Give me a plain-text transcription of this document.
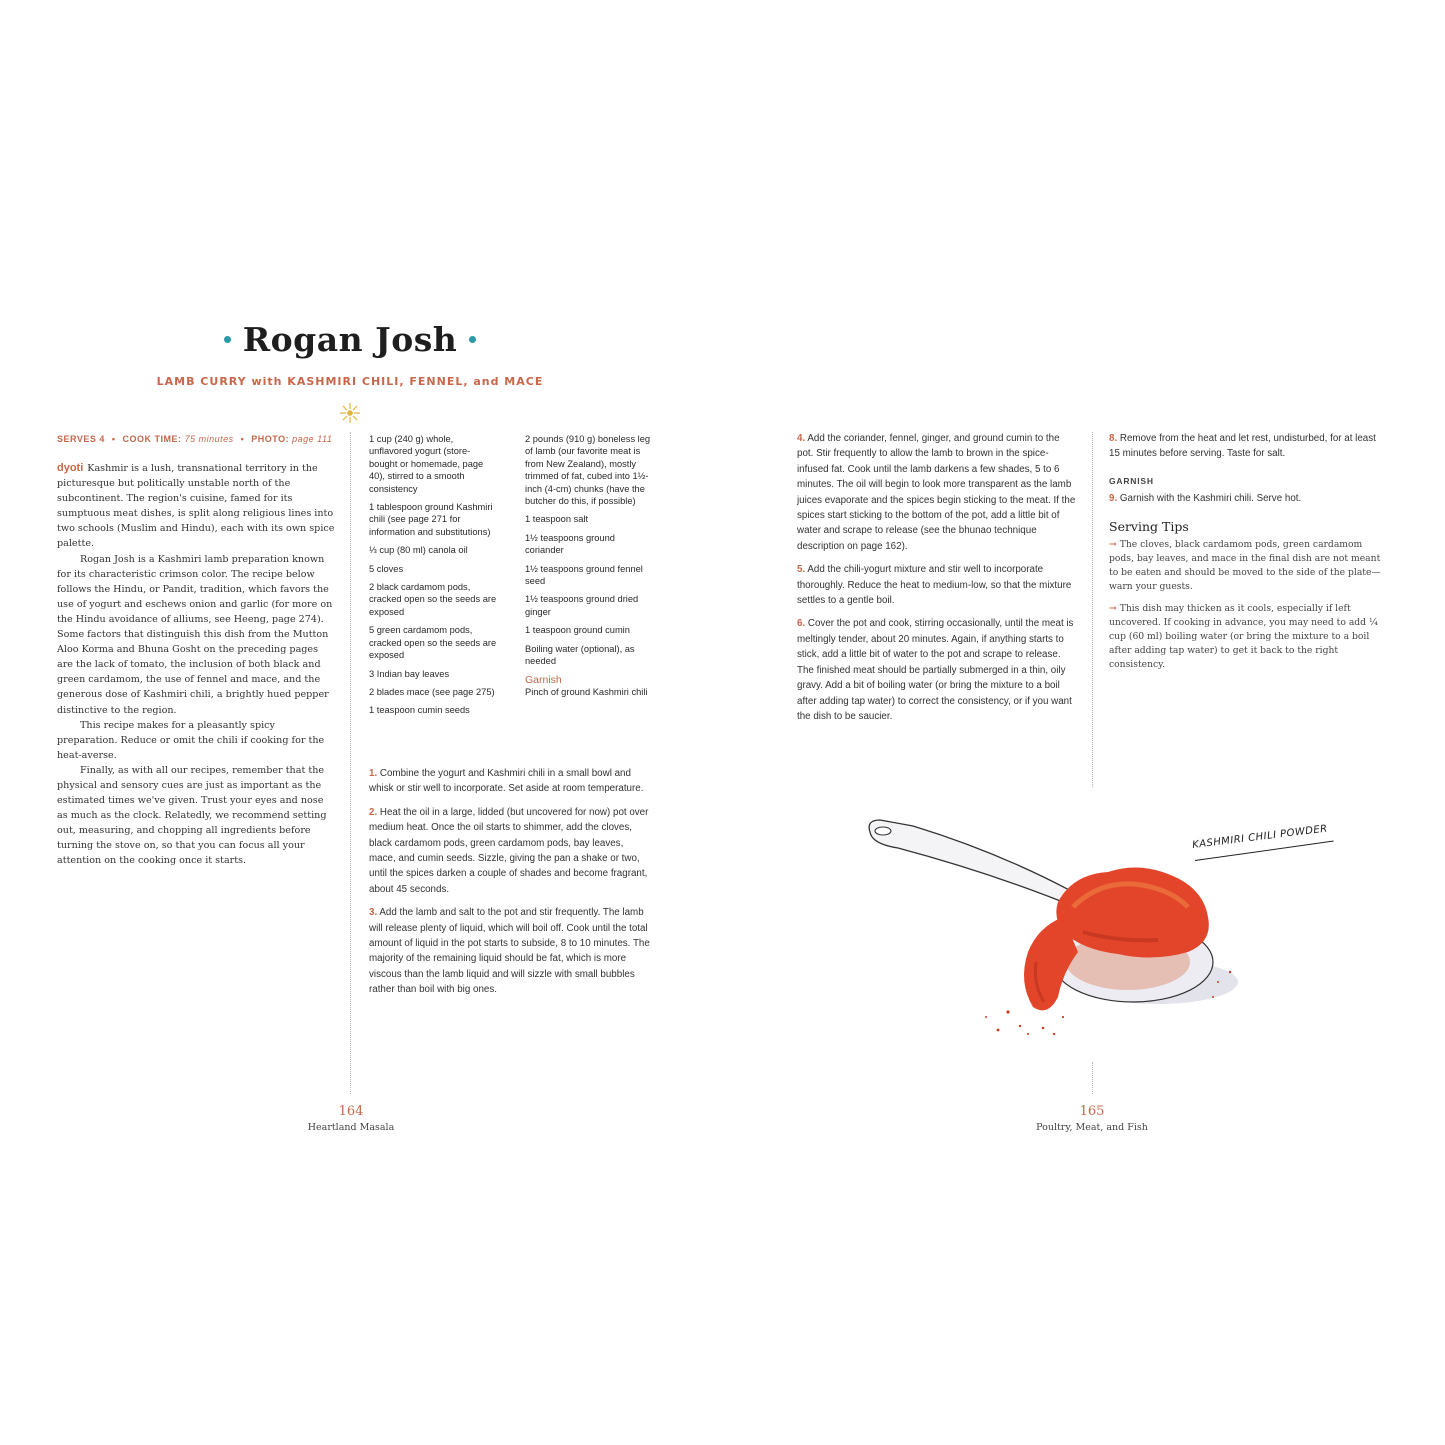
Rogan Josh
LAMB CURRY with KASHMIRI CHILI, FENNEL, and MACE
SERVES 4 • COOK TIME: 75 minutes • PHOTO: page 111

dyoti Kashmir is a lush, transnational territory in the picturesque but politically unstable north of the subcontinent. The region's cuisine, famed for its sumptuous meat dishes, is split along religious lines into two schools (Muslim and Hindu), each with its own spice palette.

Rogan Josh is a Kashmiri lamb preparation known for its characteristic crimson color. The recipe below follows the Hindu, or Pandit, tradition, which favors the use of yogurt and eschews onion and garlic (for more on the Hindu avoidance of alliums, see Heeng, page 274). Some factors that distinguish this dish from the Mutton Aloo Korma and Bhuna Gosht on the preceding pages are the lack of tomato, the inclusion of both black and green cardamom, the use of fennel and mace, and the generous dose of Kashmiri chili, a brightly hued pepper distinctive to the region.

This recipe makes for a pleasantly spicy preparation. Reduce or omit the chili if cooking for the heat-averse.

Finally, as with all our recipes, remember that the physical and sensory cues are just as important as the estimated times we've given. Trust your eyes and nose as much as the clock. Relatedly, we recommend setting out, measuring, and chopping all ingredients before turning the stove on, so that you can focus all your attention on the cooking once it starts.

1 cup (240 g) whole, unflavored yogurt (store-bought or homemade, page 40), stirred to a smooth consistency
1 tablespoon ground Kashmiri chili (see page 271 for information and substitutions)
⅓ cup (80 ml) canola oil
5 cloves
2 black cardamom pods, cracked open so the seeds are exposed
5 green cardamom pods, cracked open so the seeds are exposed
3 Indian bay leaves
2 blades mace (see page 275)
1 teaspoon cumin seeds
2 pounds (910 g) boneless leg of lamb (our favorite meat is from New Zealand), mostly trimmed of fat, cubed into 1½-inch (4-cm) chunks (have the butcher do this, if possible)
1 teaspoon salt
1½ teaspoons ground coriander
1½ teaspoons ground fennel seed
1½ teaspoons ground dried ginger
1 teaspoon ground cumin
Boiling water (optional), as needed
Garnish
Pinch of ground Kashmiri chili
1. Combine the yogurt and Kashmiri chili in a small bowl and whisk or stir well to incorporate. Set aside at room temperature.
2. Heat the oil in a large, lidded (but uncovered for now) pot over medium heat. Once the oil starts to shimmer, add the cloves, black cardamom pods, green cardamom pods, bay leaves, mace, and cumin seeds. Sizzle, giving the pan a shake or two, until the spices darken a couple of shades and become fragrant, about 45 seconds.
3. Add the lamb and salt to the pot and stir frequently. The lamb will release plenty of liquid, which will boil off. Cook until the total amount of liquid in the pot starts to subside, 8 to 10 minutes. The majority of the remaining liquid should be fat, which is more viscous than the lamb liquid and will sizzle with small bubbles rather than boil with big ones.
4. Add the coriander, fennel, ginger, and ground cumin to the pot. Stir frequently to allow the lamb to brown in the spice-infused fat. Cook until the lamb darkens a few shades, 5 to 6 minutes. The oil will begin to look more transparent as the lamb juices evaporate and the spices begin sticking to the meat. If the spices start sticking to the bottom of the pot, add a little bit of water and scrape to release (see the bhunao technique description on page 162).
5. Add the chili-yogurt mixture and stir well to incorporate thoroughly. Reduce the heat to medium-low, so that the mixture settles to a gentle boil.
6. Cover the pot and cook, stirring occasionally, until the meat is meltingly tender, about 20 minutes. Again, if anything starts to stick, add a little bit of water to the pot and scrape to release. The finished meat should be partially submerged in a thin, oily gravy. Add a bit of boiling water (or bring the mixture to a boil after adding tap water) to correct the consistency, or if you want the dish to be saucier.
8. Remove from the heat and let rest, undisturbed, for at least 15 minutes before serving. Taste for salt.
GARNISH
9. Garnish with the Kashmiri chili. Serve hot.
Serving Tips
→ The cloves, black cardamom pods, green cardamom pods, bay leaves, and mace in the final dish are not meant to be eaten and should be moved to the side of the plate—warn your guests.
→ This dish may thicken as it cools, especially if left uncovered. If cooking in advance, you may need to add ¼ cup (60 ml) boiling water (or bring the mixture to a boil after adding tap water) to get it back to the right consistency.
KASHMIRI CHILI POWDER
164
Heartland Masala
165
Poultry, Meat, and Fish
